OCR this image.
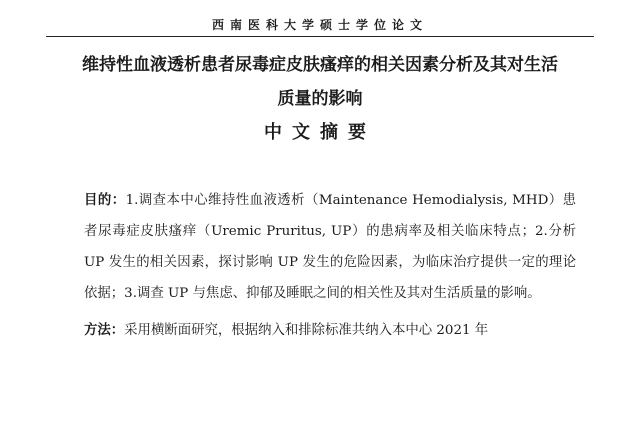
西南医科大学硕士学位论文
维持性血液透析患者尿毒症皮肤瘙痒的相关因素分析及其对生活
质量的影响
中文摘要

目的：1.调查本中心维持性血液透析（Maintenance Hemodialysis, MHD）患者尿毒症皮肤瘙痒（Uremic Pruritus, UP）的患病率及相关临床特点；2.分析 UP 发生的相关因素，探讨影响 UP 发生的危险因素，为临床治疗提供一定的理论依据；3.调查 UP 与焦虑、抑郁及睡眠之间的相关性及其对生活质量的影响。

方法：采用横断面研究，根据纳入和排除标准共纳入本中心 2021 年
